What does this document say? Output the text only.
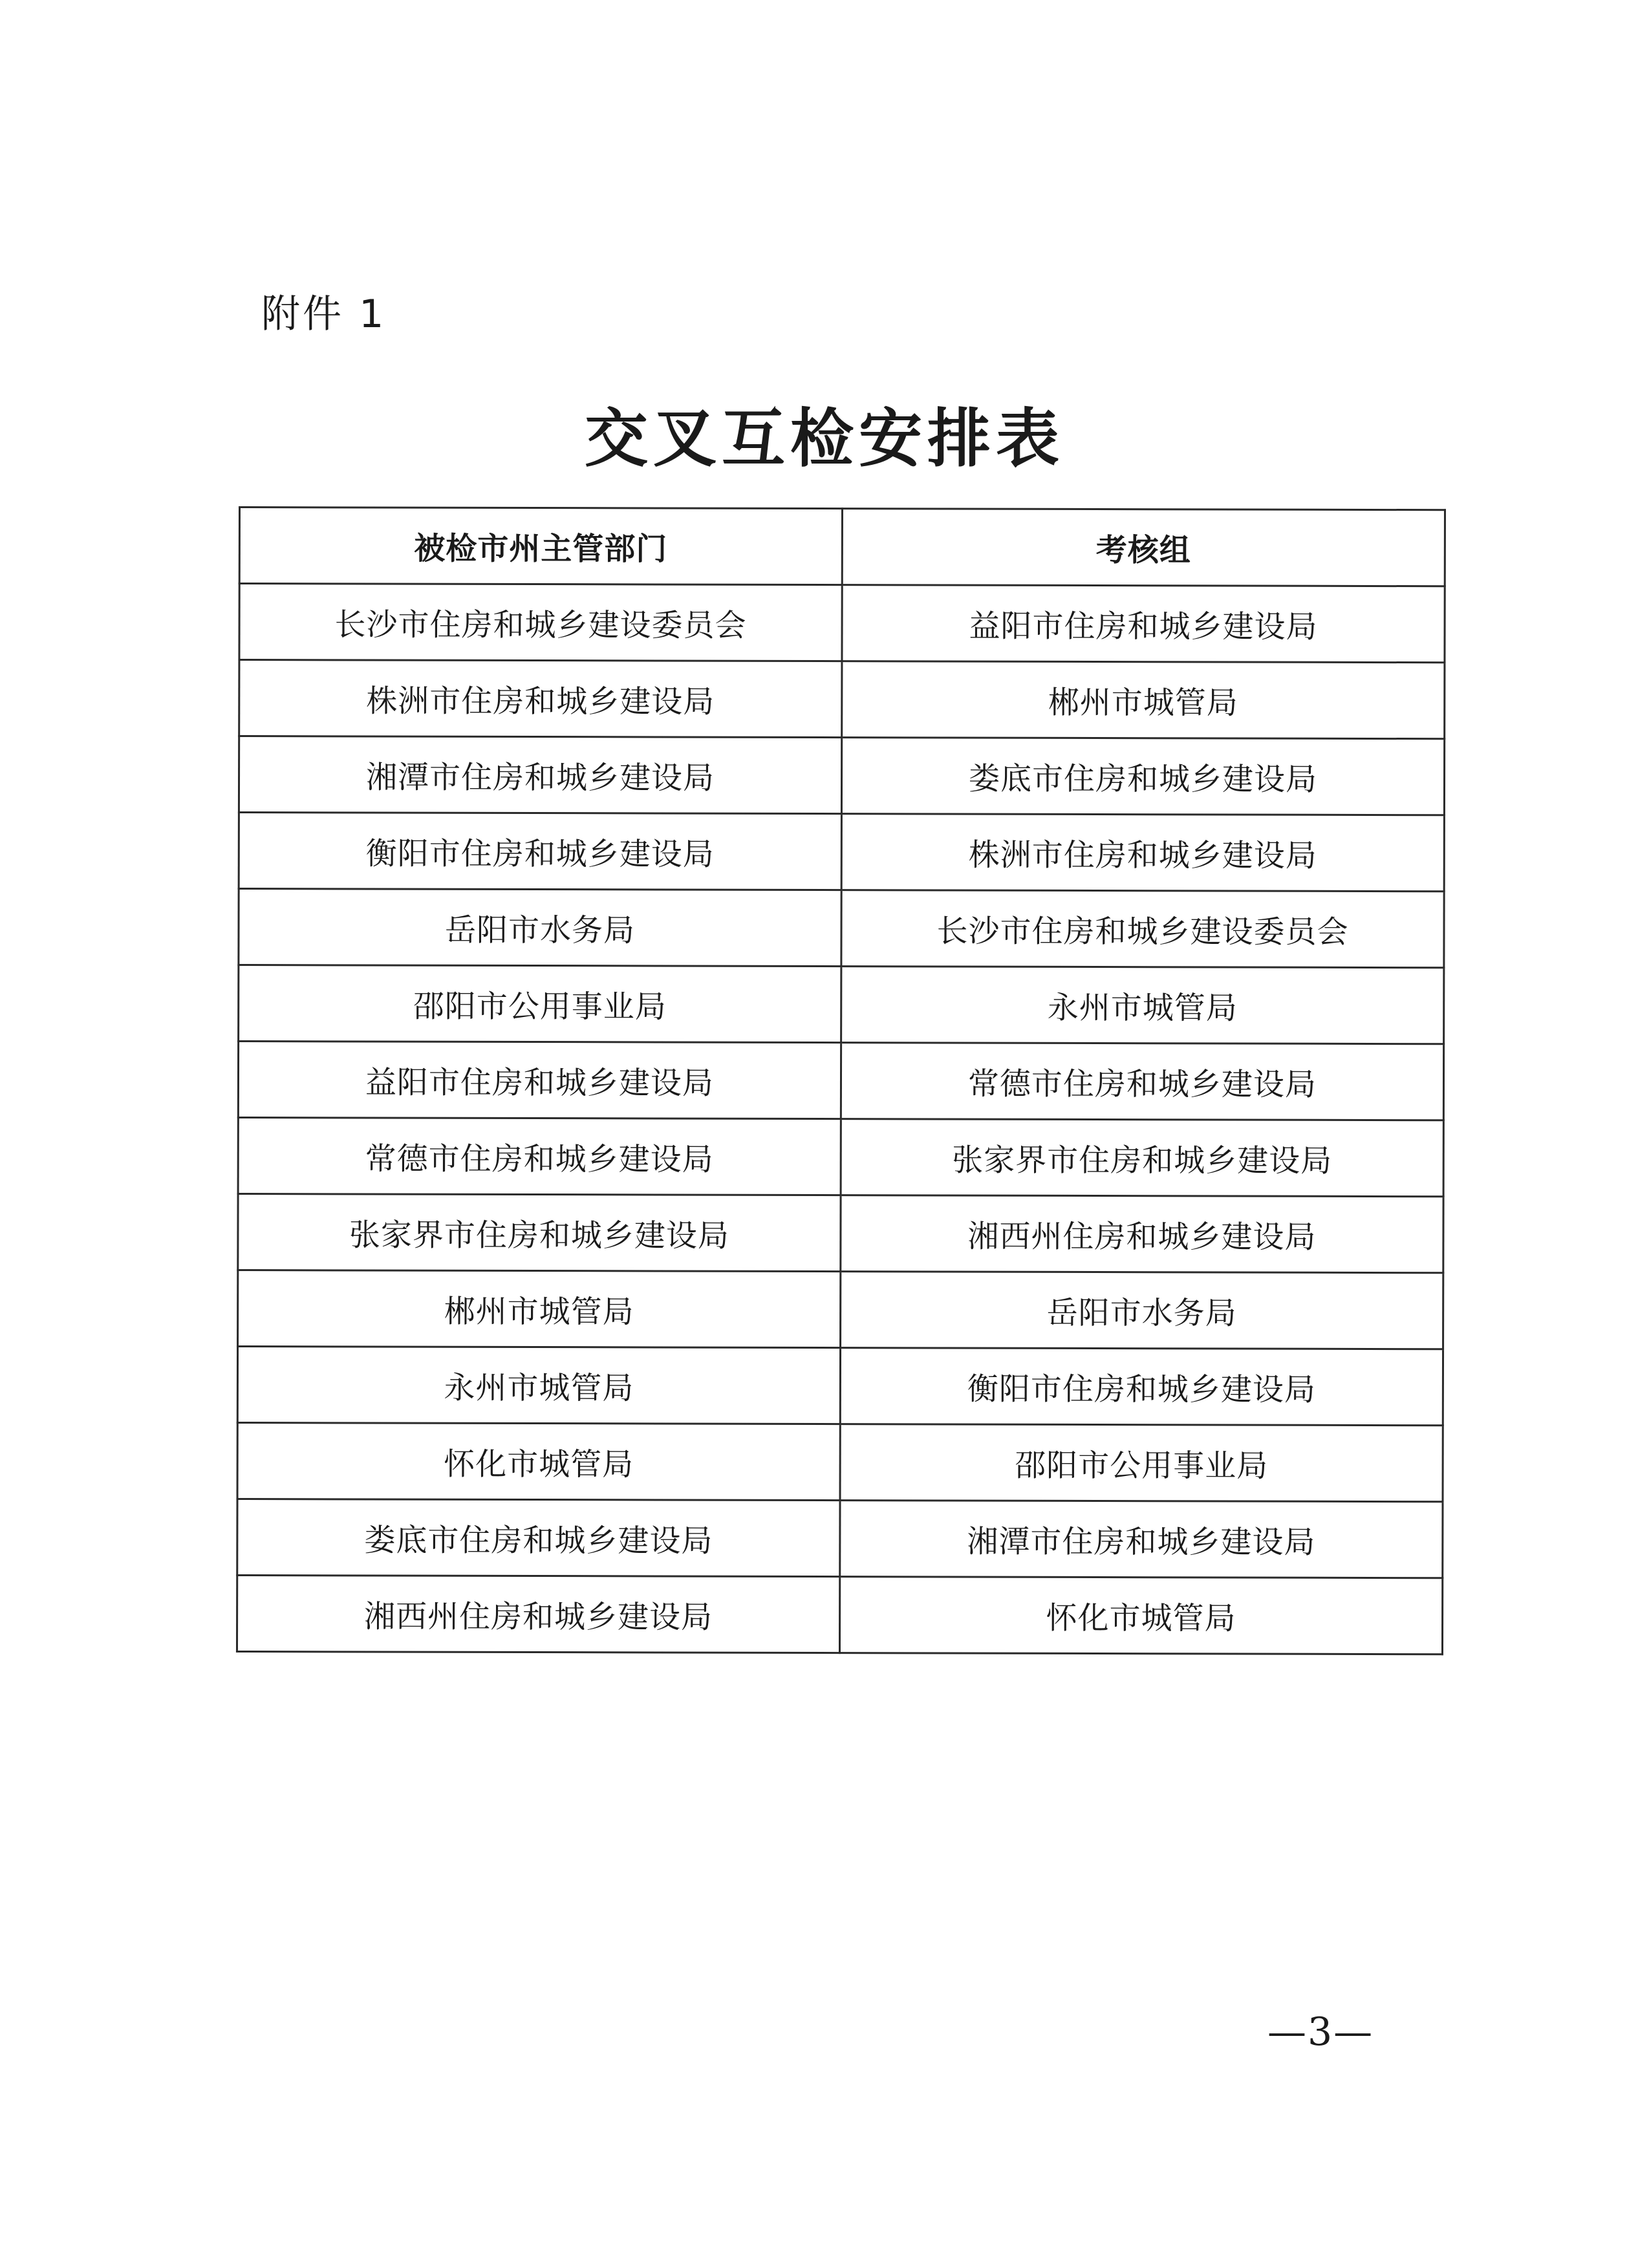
附件 1
交叉互检安排表
被检市州主管部门	考核组
长沙市住房和城乡建设委员会	益阳市住房和城乡建设局
株洲市住房和城乡建设局	郴州市城管局
湘潭市住房和城乡建设局	娄底市住房和城乡建设局
衡阳市住房和城乡建设局	株洲市住房和城乡建设局
岳阳市水务局	长沙市住房和城乡建设委员会
邵阳市公用事业局	永州市城管局
益阳市住房和城乡建设局	常德市住房和城乡建设局
常德市住房和城乡建设局	张家界市住房和城乡建设局
张家界市住房和城乡建设局	湘西州住房和城乡建设局
郴州市城管局	岳阳市水务局
永州市城管局	衡阳市住房和城乡建设局
怀化市城管局	邵阳市公用事业局
娄底市住房和城乡建设局	湘潭市住房和城乡建设局
湘西州住房和城乡建设局	怀化市城管局
—3—
